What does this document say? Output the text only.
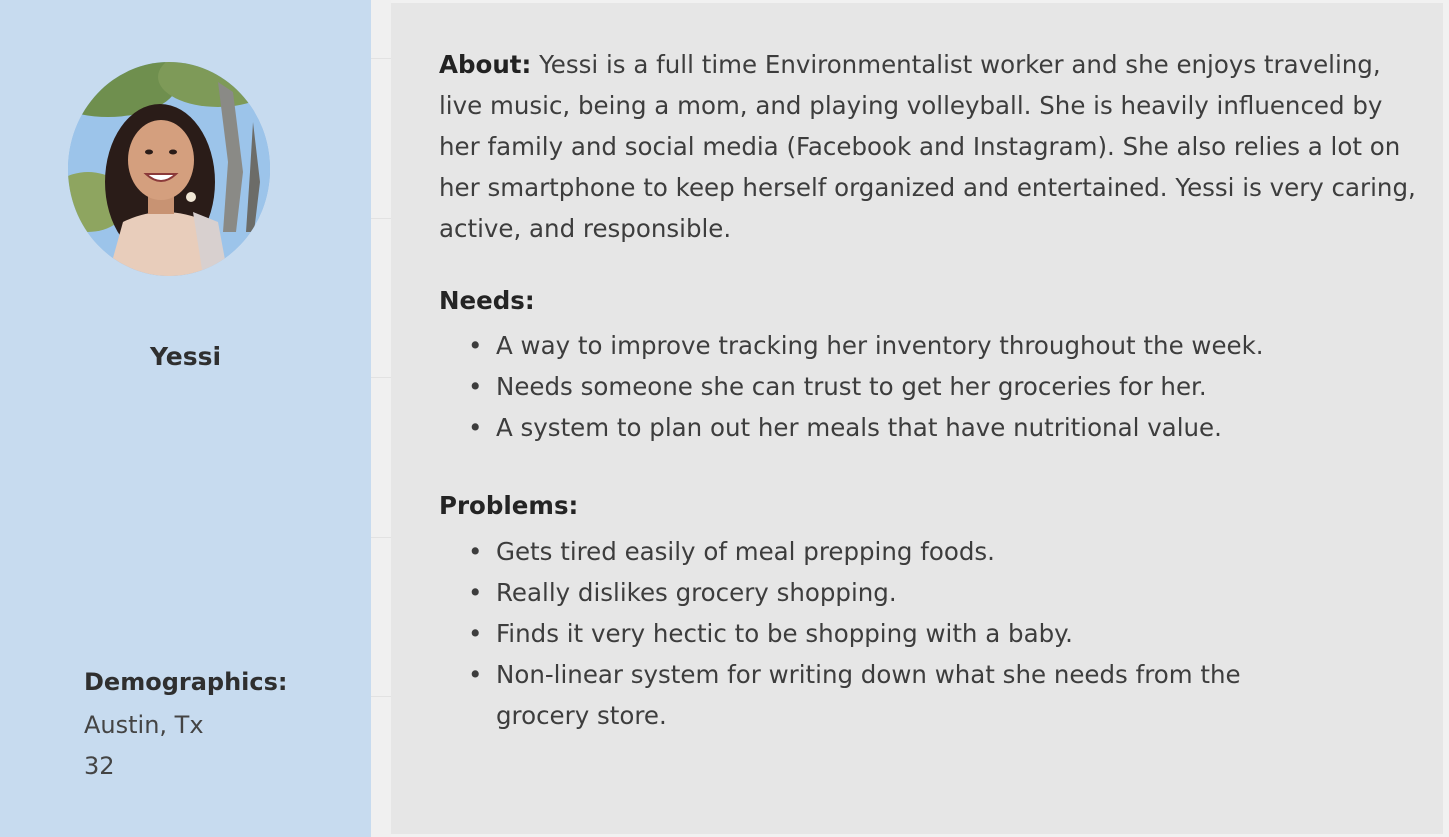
Yessi
Demographics:
Austin, Tx
32
About: Yessi is a full time Environmentalist worker and she enjoys traveling, live music, being a mom, and playing volleyball. She is heavily influenced by her family and social media (Facebook and Instagram). She also relies a lot on her smartphone to keep herself organized and entertained. Yessi is very caring, active, and responsible.
Needs:
• A way to improve tracking her inventory throughout the week.
• Needs someone she can trust to get her groceries for her.
• A system to plan out her meals that have nutritional value.
Problems:
• Gets tired easily of meal prepping foods.
• Really dislikes grocery shopping.
• Finds it very hectic to be shopping with a baby.
• Non-linear system for writing down what she needs from the grocery store.
